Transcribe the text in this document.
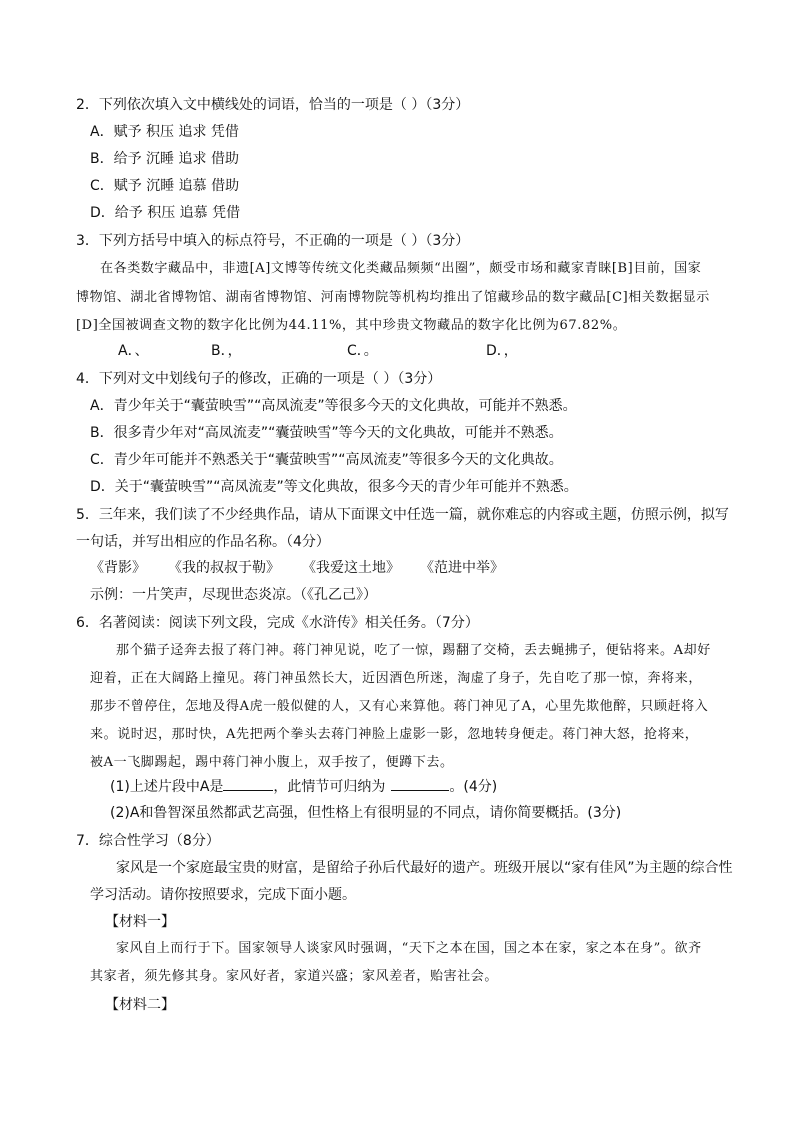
2．下列依次填入文中横线处的词语，恰当的一项是（ ）（3分）
A．赋予 积压 追求 凭借
B．给予 沉睡 追求 借助
C．赋予 沉睡 追慕 借助
D．给予 积压 追慕 凭借
3．下列方括号中填入的标点符号，不正确的一项是（ ）（3分）
在各类数字藏品中，非遗[A]文博等传统文化类藏品频频“出圈”，颇受市场和藏家青睐[B]目前，国家
博物馆、湖北省博物馆、湖南省博物馆、河南博物院等机构均推出了馆藏珍品的数字藏品[C]相关数据显示
[D]全国被调查文物的数字化比例为44.11%，其中珍贵文物藏品的数字化比例为67.82%。
A．、	B．，	C．。	D．，
4．下列对文中划线句子的修改，正确的一项是（ ）（3分）
A．青少年关于“囊萤映雪”“高凤流麦”等很多今天的文化典故，可能并不熟悉。
B．很多青少年对“高凤流麦”“囊萤映雪”等今天的文化典故，可能并不熟悉。
C．青少年可能并不熟悉关于“囊萤映雪”“高凤流麦”等很多今天的文化典故。
D．关于“囊萤映雪”“高凤流麦”等文化典故，很多今天的青少年可能并不熟悉。
5．三年来，我们读了不少经典作品，请从下面课文中任选一篇，就你难忘的内容或主题，仿照示例，拟写
一句话，并写出相应的作品名称。（4分）
《背影》 《我的叔叔于勒》 《我爱这土地》 《范进中举》
示例：一片笑声，尽现世态炎凉。（《孔乙己》）
6．名著阅读：阅读下列文段，完成《水浒传》相关任务。（7分）
那个猫子迳奔去报了蒋门神。蒋门神见说，吃了一惊，踢翻了交椅，丢去蝇拂子，便钻将来。A却好
迎着，正在大阔路上撞见。蒋门神虽然长大，近因酒色所迷，淘虚了身子，先自吃了那一惊，奔将来，
那步不曾停住，怎地及得A虎一般似健的人，又有心来算他。蒋门神见了A，心里先欺他醉，只顾赶将入
来。说时迟，那时快，A先把两个拳头去蒋门神脸上虚影一影，忽地转身便走。蒋门神大怒，抢将来，
被A一飞脚踢起，踢中蒋门神小腹上，双手按了，便蹲下去。
(1)上述片段中A是	，此情节可归纳为	。(4分)
(2)A和鲁智深虽然都武艺高强，但性格上有很明显的不同点，请你简要概括。(3分)
7．综合性学习（8分）
家风是一个家庭最宝贵的财富，是留给子孙后代最好的遗产。班级开展以“家有佳风”为主题的综合性
学习活动。请你按照要求，完成下面小题。
【材料一】
家风自上而行于下。国家领导人谈家风时强调，“天下之本在国，国之本在家，家之本在身”。欲齐
其家者，须先修其身。家风好者，家道兴盛；家风差者，贻害社会。
【材料二】
